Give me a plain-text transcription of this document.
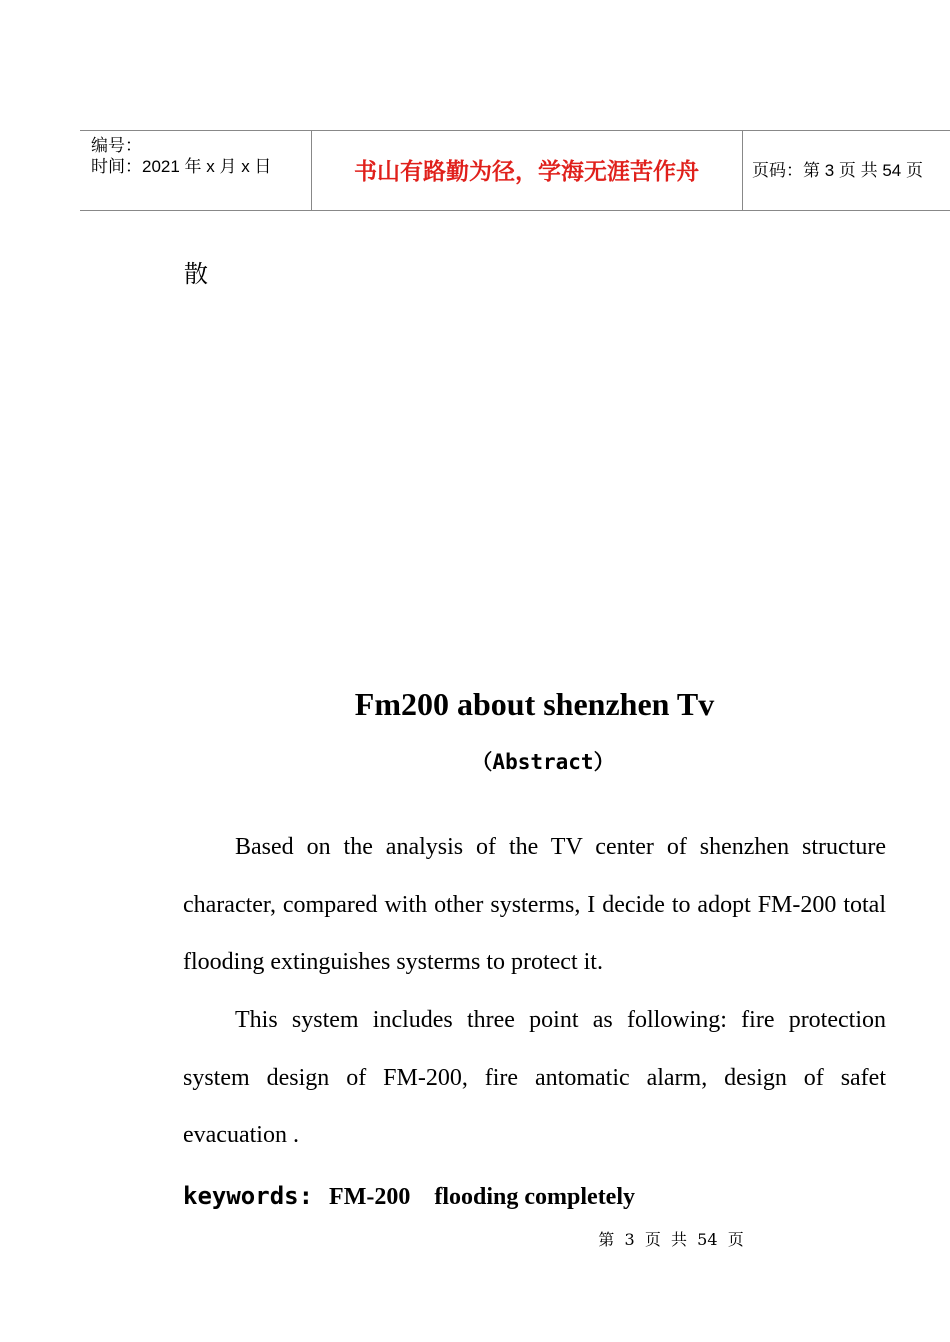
编号：
时间：2021 年 x 月 x 日	书山有路勤为径，学海无涯苦作舟	页码：第 3 页 共 54 页
散
Fm200 about shenzhen Tv
（Abstract）

Based on the analysis of the TV center of shenzhen structure character, compared with other systerms, I decide to adopt FM-200 total flooding extinguishes systerms to protect it.

This system includes three point as following: fire protection system design of FM-200, fire antomatic alarm, design of safet evacuation .

keywords: FM-200    flooding completely
第  3  页  共  54  页
